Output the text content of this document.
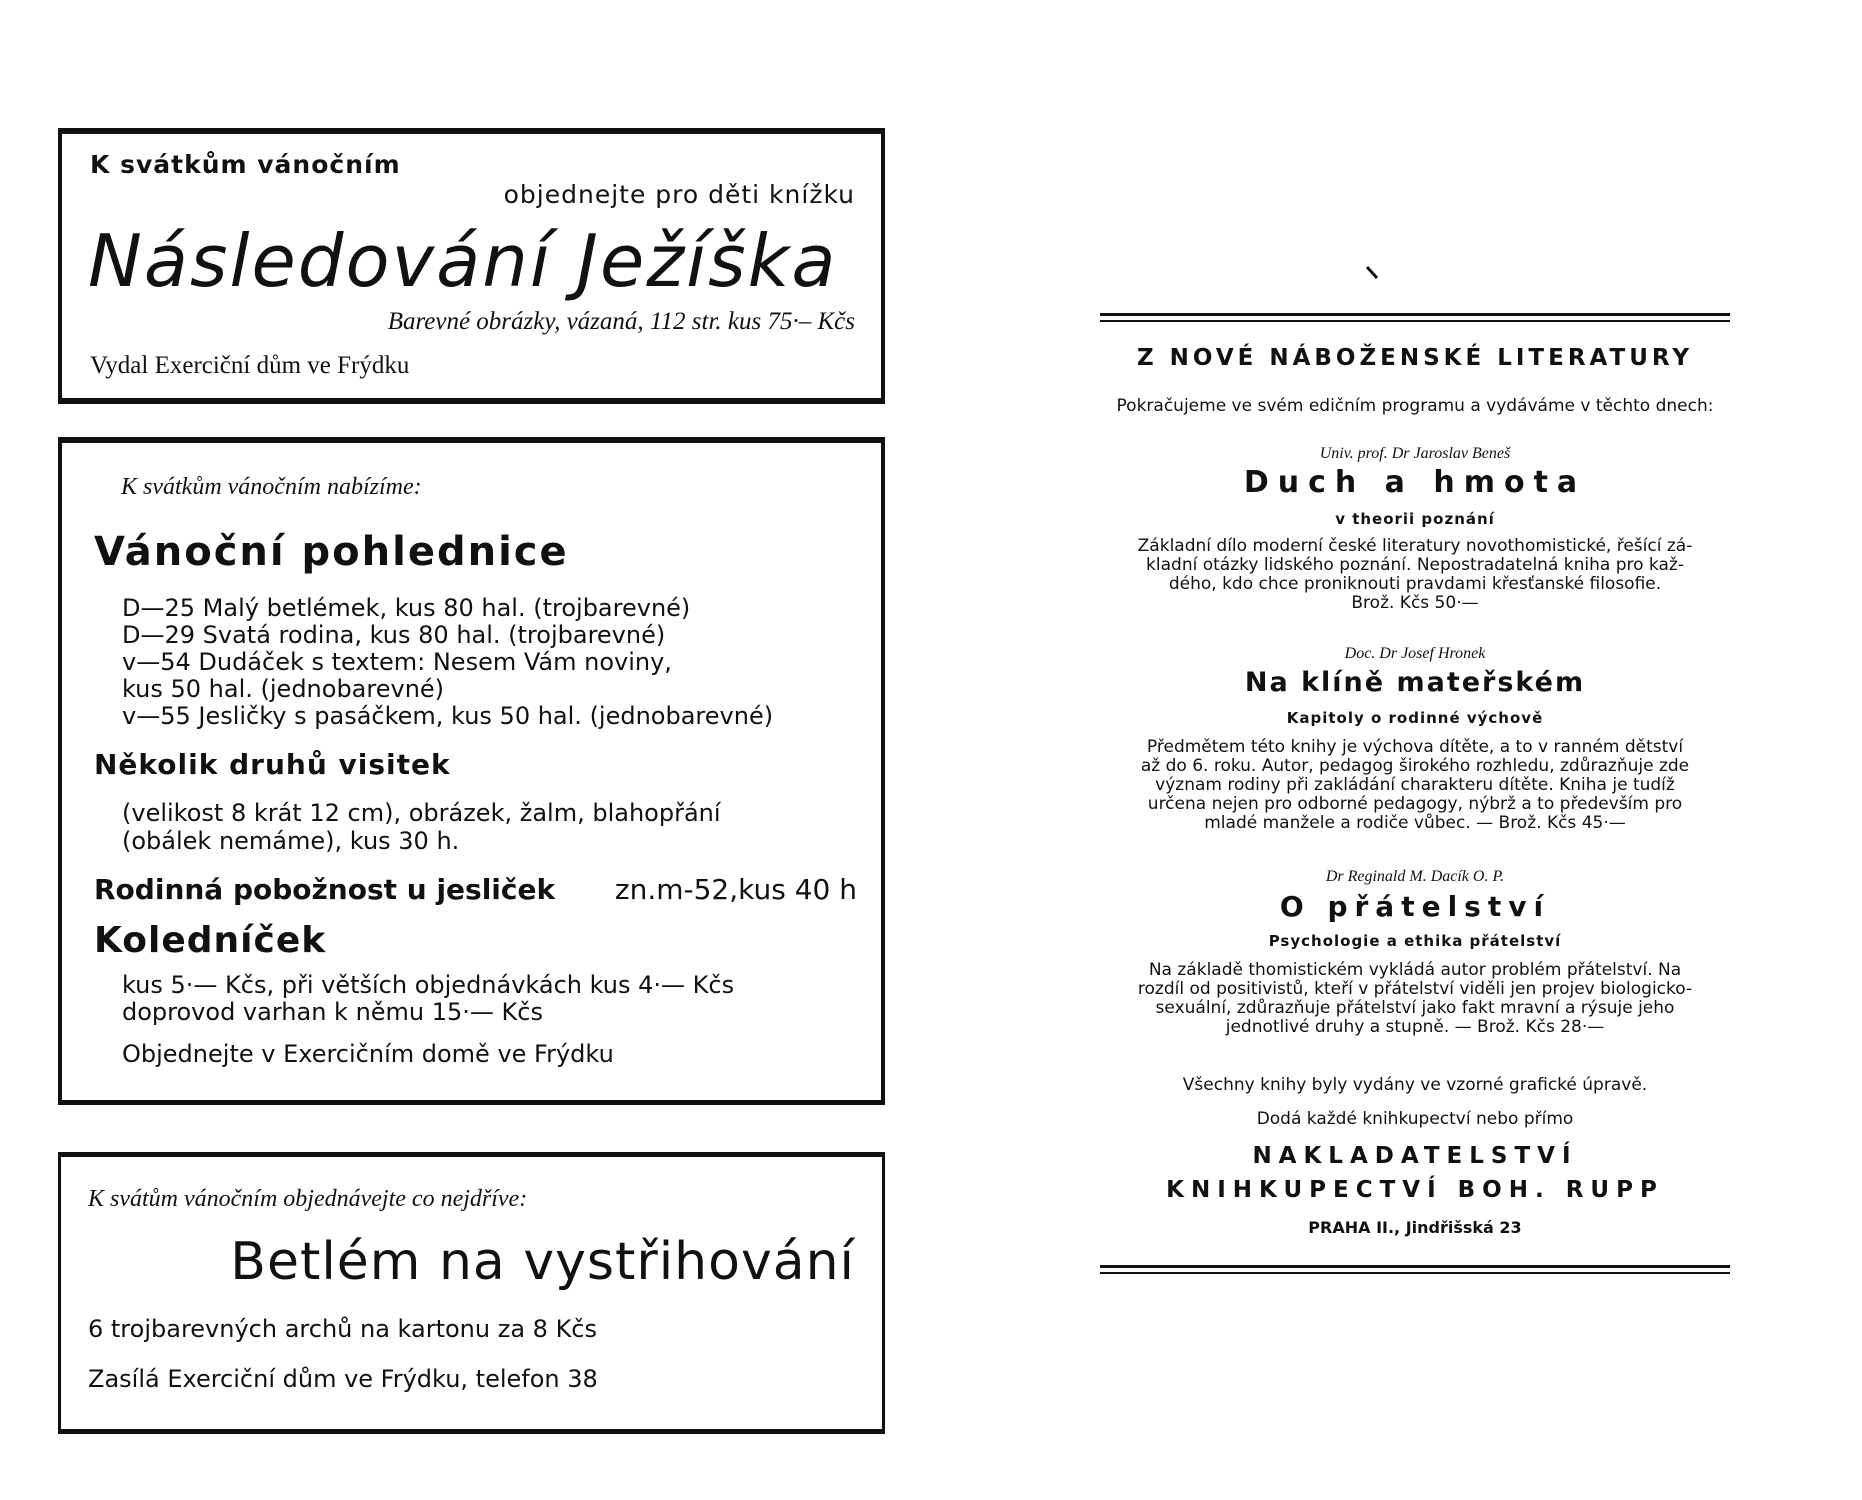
K svátkům vánočním
objednejte pro děti knížku
Následování Ježíška
Barevné obrázky, vázaná, 112 str. kus 75·– Kčs
Vydal Exerciční dům ve Frýdku
K svátkům vánočním nabízíme:
Vánoční pohlednice
D—25 Malý betlémek, kus 80 hal. (trojbarevné)
D—29 Svatá rodina, kus 80 hal. (trojbarevné)
v—54 Dudáček s textem: Nesem Vám noviny,
kus 50 hal. (jednobarevné)
v—55 Jesličky s pasáčkem, kus 50 hal. (jednobarevné)
Několik druhů visitek
(velikost 8 krát 12 cm), obrázek, žalm, blahopřání
(obálek nemáme), kus 30 h.
Rodinná pobožnost u jesliček zn.m-52,kus 40 h
Koledníček
kus 5·— Kčs, při větších objednávkách kus 4·— Kčs
doprovod varhan k němu 15·— Kčs
Objednejte v Exercičním domě ve Frýdku
K svátům vánočním objednávejte co nejdříve:
Betlém na vystřihování
6 trojbarevných archů na kartonu za 8 Kčs
Zasílá Exerciční dům ve Frýdku, telefon 38
Z NOVÉ NÁBOŽENSKÉ LITERATURY
Pokračujeme ve svém edičním programu a vydáváme v těchto dnech:
Univ. prof. Dr Jaroslav Beneš
Duch a hmota
v theorii poznání
Základní dílo moderní české literatury novothomistické, řešící zá-
kladní otázky lidského poznání. Nepostradatelná kniha pro kaž-
dého, kdo chce proniknouti pravdami křesťanské filosofie.
Brož. Kčs 50·—
Doc. Dr Josef Hronek
Na klíně mateřském
Kapitoly o rodinné výchově
Předmětem této knihy je výchova dítěte, a to v ranném dětství
až do 6. roku. Autor, pedagog širokého rozhledu, zdůrazňuje zde
význam rodiny při zakládání charakteru dítěte. Kniha je tudíž
určena nejen pro odborné pedagogy, nýbrž a to především pro
mladé manžele a rodiče vůbec. — Brož. Kčs 45·—
Dr Reginald M. Dacík O. P.
O přátelství
Psychologie a ethika přátelství
Na základě thomistickém vykládá autor problém přátelství. Na
rozdíl od positivistů, kteří v přátelství viděli jen projev biologicko-
sexuální, zdůrazňuje přátelství jako fakt mravní a rýsuje jeho
jednotlivé druhy a stupně. — Brož. Kčs 28·—
Všechny knihy byly vydány ve vzorné grafické úpravě.
Dodá každé knihkupectví nebo přímo
NAKLADATELSTVÍ
KNIHKUPECTVÍ BOH. RUPP
PRAHA II., Jindřišská 23
